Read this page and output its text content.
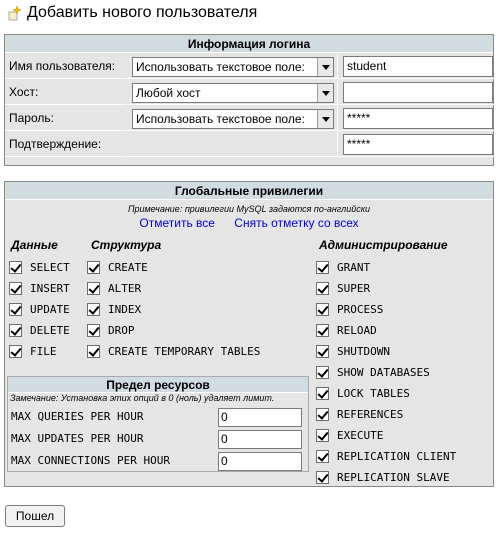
Добавить нового пользователя
Информация логина
Имя пользователя:	Использовать текстовое поле:	student
Хост:	Любой хост
Пароль:	Использовать текстовое поле:	*****
Подтверждение:	*****
Глобальные привилегии
Примечание: привилегии MySQL задаются по-английски
Отметить все Снять отметку со всех
Данные	Структура	Администрирование
SELECT
INSERT
UPDATE
DELETE
FILE
CREATE
ALTER
INDEX
DROP
CREATE TEMPORARY TABLES
GRANT
SUPER
PROCESS
RELOAD
SHUTDOWN
SHOW DATABASES
LOCK TABLES
REFERENCES
EXECUTE
REPLICATION CLIENT
REPLICATION SLAVE
Предел ресурсов
Замечание: Установка этих опций в 0 (ноль) удаляет лимит.
MAX QUERIES PER HOUR	0
MAX UPDATES PER HOUR	0
MAX CONNECTIONS PER HOUR	0
Пошел
